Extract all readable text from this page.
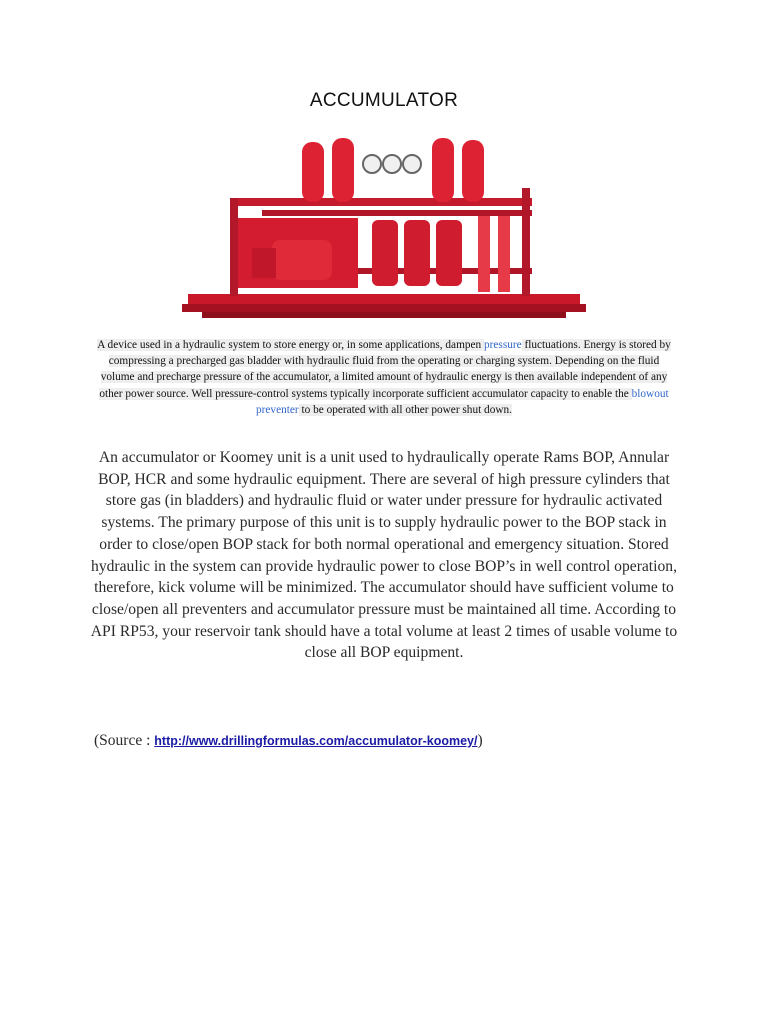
ACCUMULATOR
A device used in a hydraulic system to store energy or, in some applications, dampen pressure fluctuations. Energy is stored by compressing a precharged gas bladder with hydraulic fluid from the operating or charging system. Depending on the fluid volume and precharge pressure of the accumulator, a limited amount of hydraulic energy is then available independent of any other power source. Well pressure-control systems typically incorporate sufficient accumulator capacity to enable the blowout preventer to be operated with all other power shut down.
An accumulator or Koomey unit is a unit used to hydraulically operate Rams BOP, Annular BOP, HCR and some hydraulic equipment. There are several of high pressure cylinders that store gas (in bladders) and hydraulic fluid or water under pressure for hydraulic activated systems. The primary purpose of this unit is to supply hydraulic power to the BOP stack in order to close/open BOP stack for both normal operational and emergency situation. Stored hydraulic in the system can provide hydraulic power to close BOP’s in well control operation, therefore, kick volume will be minimized. The accumulator should have sufficient volume to close/open all preventers and accumulator pressure must be maintained all time. According to API RP53, your reservoir tank should have a total volume at least 2 times of usable volume to close all BOP equipment.
(Source : http://www.drillingformulas.com/accumulator-koomey/)
